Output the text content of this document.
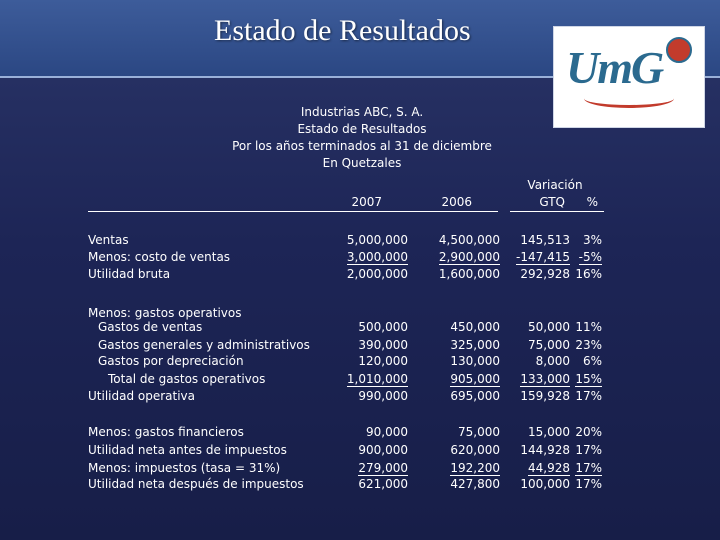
Estado de Resultados
UmG
Industrias ABC, S. A.
Estado de Resultados
Por los años terminados al 31 de diciembre
En Quetzales
2007	2006
Variación
GTQ %
Ventas	5,000,000	4,500,000 145,513 3%
Menos: costo de ventas	3,000,000	2,900,000 -147,415 -5%
Utilidad bruta	2,000,000	1,600,000 292,928 16%
Menos: gastos operativos
Gastos de ventas	500,000	450,000 50,000 11%
Gastos generales y administrativos	390,000	325,000 75,000 23%
Gastos por depreciación	120,000	130,000	8,000 6%
Total de gastos operativos	1,010,000	905,000 133,000 15%
Utilidad operativa	990,000	695,000 159,928 17%
Menos: gastos financieros	90,000	75,000 15,000 20%
Utilidad neta antes de impuestos	900,000	620,000 144,928 17%
Menos: impuestos (tasa = 31%)	279,000	192,200 44,928 17%
Utilidad neta después de impuestos	621,000	427,800 100,000 17%
